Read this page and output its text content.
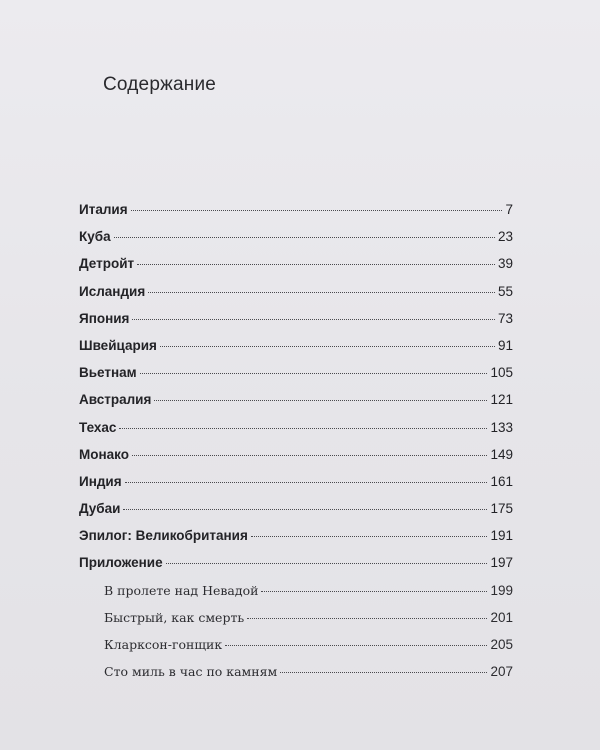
Содержание
Италия	7
Куба	23
Детройт	39
Исландия	55
Япония	73
Швейцария	91
Вьетнам	105
Австралия	121
Техас	133
Монако	149
Индия	161
Дубаи	175
Эпилог: Великобритания	191
Приложение	197
В пролете над Невадой	199
Быстрый, как смерть	201
Кларксон-гонщик	205
Сто миль в час по камням	207
